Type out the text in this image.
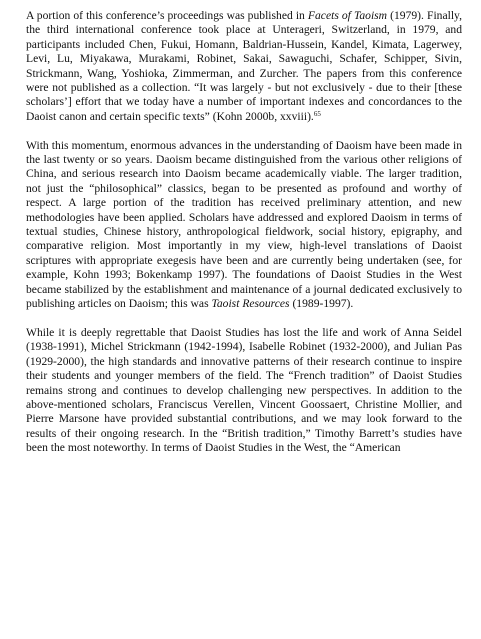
A portion of this conference’s proceedings was published in Facets of Taoism (1979). Finally, the third international conference took place at Unterageri, Switzerland, in 1979, and participants included Chen, Fukui, Homann, Baldrian-Hussein, Kandel, Kimata, Lagerwey, Levi, Lu, Miyakawa, Murakami, Robinet, Sakai, Sawaguchi, Schafer, Schipper, Sivin, Strickmann, Wang, Yoshioka, Zimmerman, and Zurcher. The papers from this conference were not published as a collection. “It was largely - but not exclusively - due to their [these scholars’] effort that we today have a number of important indexes and concordances to the Daoist canon and certain specific texts” (Kohn 2000b, xxviii).$^{65}$

With this momentum, enormous advances in the understanding of Daoism have been made in the last twenty or so years. Daoism became distinguished from the various other religions of China, and serious research into Daoism became academically viable. The larger tradition, not just the “philosophical” classics, began to be presented as profound and worthy of respect. A large portion of the tradition has received preliminary attention, and new methodologies have been applied. Scholars have addressed and explored Daoism in terms of textual studies, Chinese history, anthropological fieldwork, social history, epigraphy, and comparative religion. Most importantly in my view, high-level translations of Daoist scriptures with appropriate exegesis have been and are currently being undertaken (see, for example, Kohn 1993; Bokenkamp 1997). The foundations of Daoist Studies in the West became stabilized by the establishment and maintenance of a journal dedicated exclusively to publishing articles on Daoism; this was Taoist Resources (1989-1997).

While it is deeply regrettable that Daoist Studies has lost the life and work of Anna Seidel (1938-1991), Michel Strickmann (1942-1994), Isabelle Robinet (1932-2000), and Julian Pas (1929-2000), the high standards and innovative patterns of their research continue to inspire their students and younger members of the field. The “French tradition” of Daoist Studies remains strong and continues to develop challenging new perspectives. In addition to the above-mentioned scholars, Franciscus Verellen, Vincent Goossaert, Christine Mollier, and Pierre Marsone have provided substantial contributions, and we may look forward to the results of their ongoing research. In the “British tradition,” Timothy Barrett’s studies have been the most noteworthy. In terms of Daoist Studies in the West, the “American
